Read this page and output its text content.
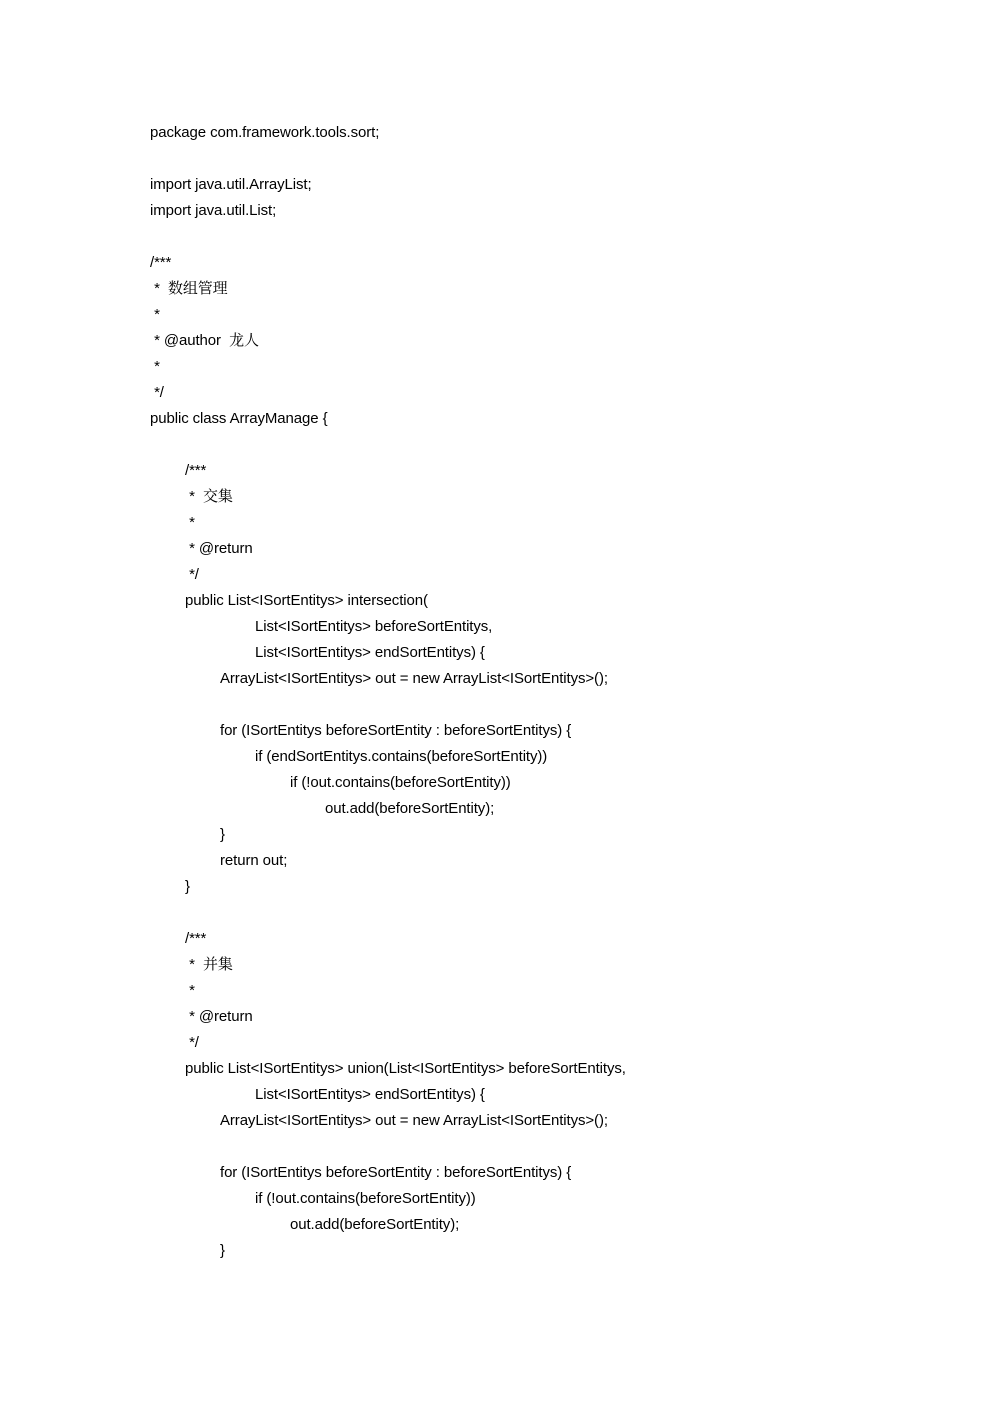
package com.framework.tools.sort;
import java.util.ArrayList;
import java.util.List;
/***
*  数组管理
*
* @author  龙人
*
*/
public class ArrayManage {
/***
*  交集
*
* @return
*/
public List<ISortEntitys> intersection(
List<ISortEntitys> beforeSortEntitys,
List<ISortEntitys> endSortEntitys) {
ArrayList<ISortEntitys> out = new ArrayList<ISortEntitys>();
for (ISortEntitys beforeSortEntity : beforeSortEntitys) {
if (endSortEntitys.contains(beforeSortEntity))
if (!out.contains(beforeSortEntity))
out.add(beforeSortEntity);
}
return out;
}
/***
*  并集
*
* @return
*/
public List<ISortEntitys> union(List<ISortEntitys> beforeSortEntitys,
List<ISortEntitys> endSortEntitys) {
ArrayList<ISortEntitys> out = new ArrayList<ISortEntitys>();
for (ISortEntitys beforeSortEntity : beforeSortEntitys) {
if (!out.contains(beforeSortEntity))
out.add(beforeSortEntity);
}
